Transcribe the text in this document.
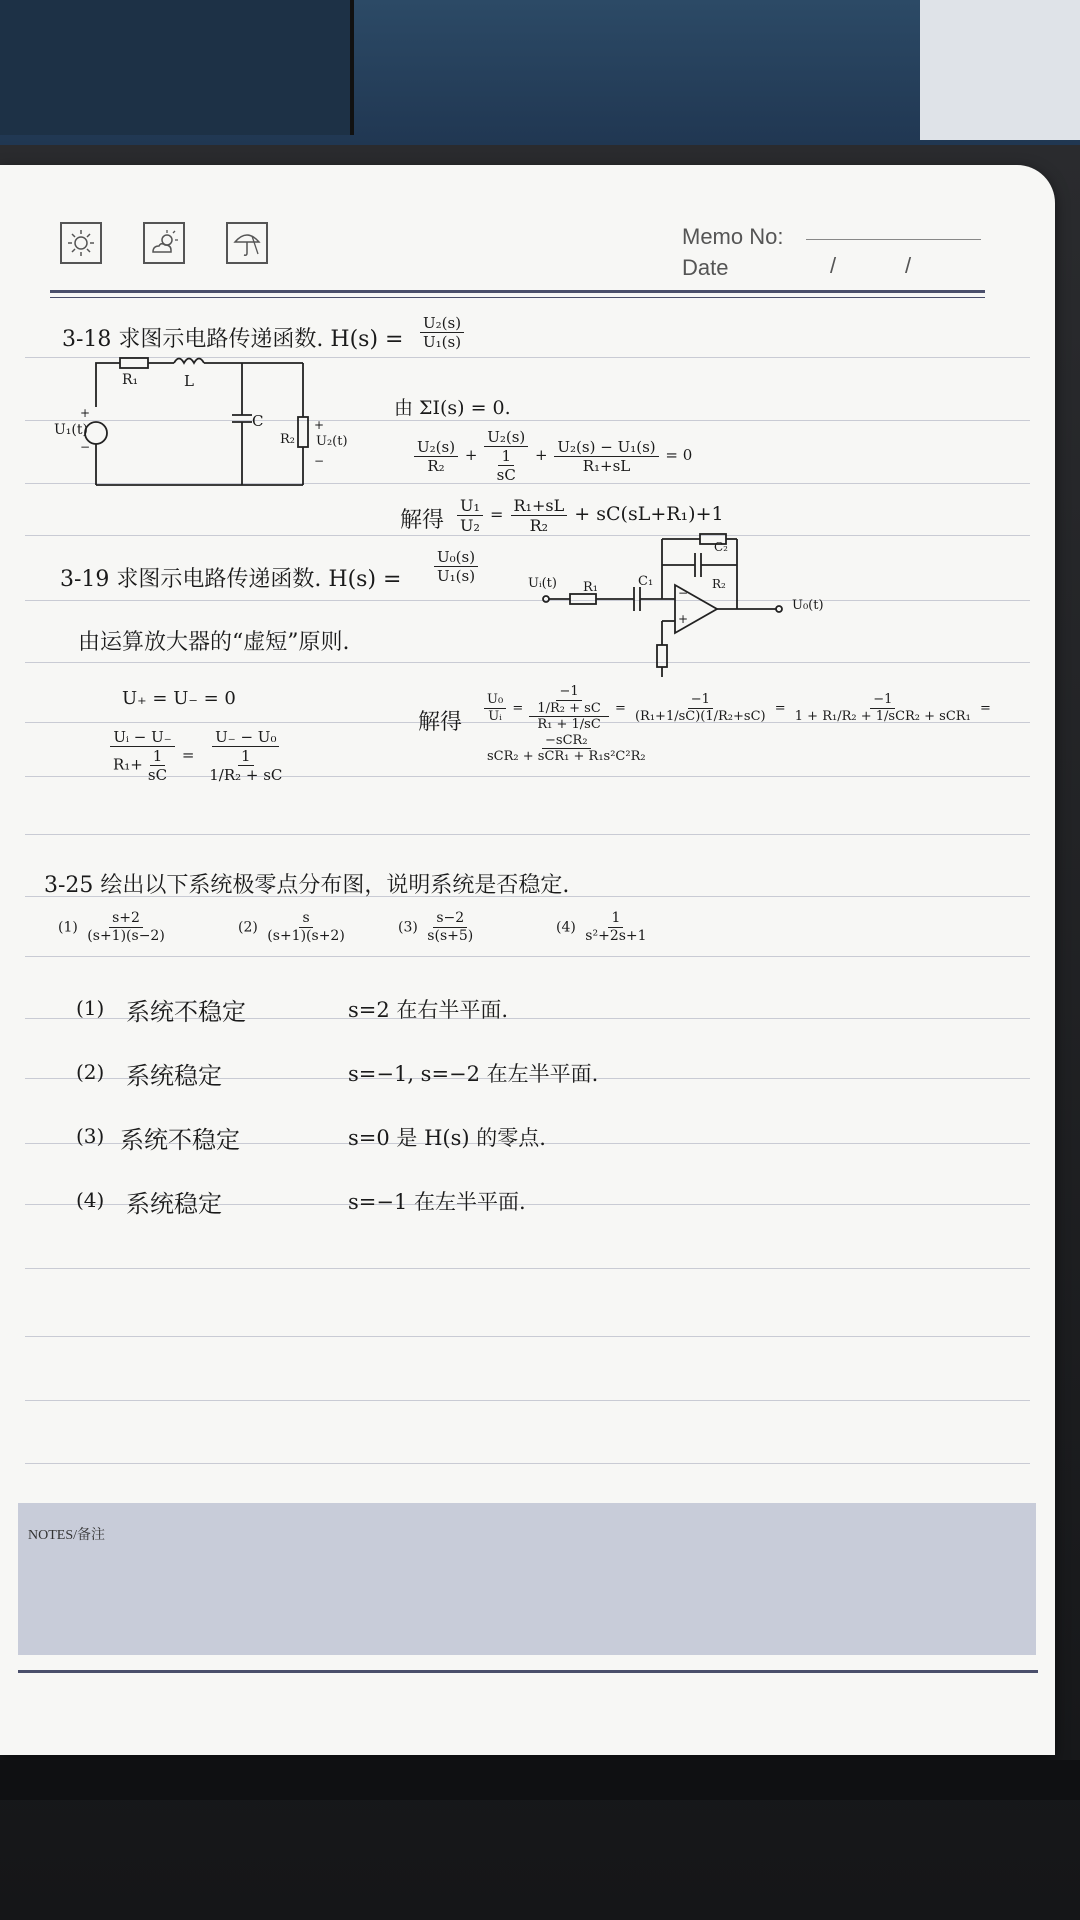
Memo No:
Date	/	/
3-18 求图示电路传递函数. $H(s) = \frac{\text{U₂(s)}}{\text{U₁(s)}}$
R₁	L
C
R₂
U₁(t)
+
−
+
−
U₂(t)
由 ΣI(s) = 0.
$\frac{\text{U₂(s)}}{\text{R₂}} + \frac{\text{U₂(s)}}{\frac{1}{sC}} + \frac{\text{U₂(s) − U₁(s)}}{\text{R₁+sL}} = 0$
解得 $\frac{\text{U₁}}{\text{U₂}} = \frac{\text{R₁+sL}}{\text{R₂}} + sC(sL+R_1)+1$
3-19 求图示电路传递函数. $H(s) = \frac{\text{U₀(s)}}{\text{U₁(s)}}$	Uᵢ(t) R₁	C₁
C₂
R₂
−
+
U₀(t)
由运算放大器的“虚短”原则.
U₊ = U₋ = 0
$\frac{\text{Uᵢ − U₋}}{R_1+ \frac{1}{sC}} = \frac{\text{U₋ − U₀}}{\frac{1}{\text{1/R₂ + sC}}}$
解得 $\frac{\text{U₀}}{\text{Uᵢ}} = \frac{\frac{-1}{\text{1/R₂ + sC}}}{\text{R₁ + 1/sC}} = \frac{-1}{\text{(R₁+1/sC)(1/R₂+sC)}} = \frac{-1}{\text{1 + R₁/R₂ + 1/sCR₂ + sCR₁}}$ =
$\frac{\text{−sCR₂}}{\text{sCR₂ + sCR₁ + R₁s²C²R₂}}$
3-25 绘出以下系统极零点分布图，说明系统是否稳定.
$(1) \frac{s+2}{(s+1)(s-2)}$	$(2) \frac{s}{(s+1)(s+2)}$	$(3) \frac{s-2}{s(s+5)}$	$(4) \frac{1}{\text{s²+2s+1}}$
(1) 系统不稳定	s=2 在右半平面.
(2) 系统稳定	s=−1, s=−2 在左半平面.
(3) 系统不稳定	s=0 是 H(s) 的零点.
(4) 系统稳定	s=−1 在左半平面.
NOTES/备注
